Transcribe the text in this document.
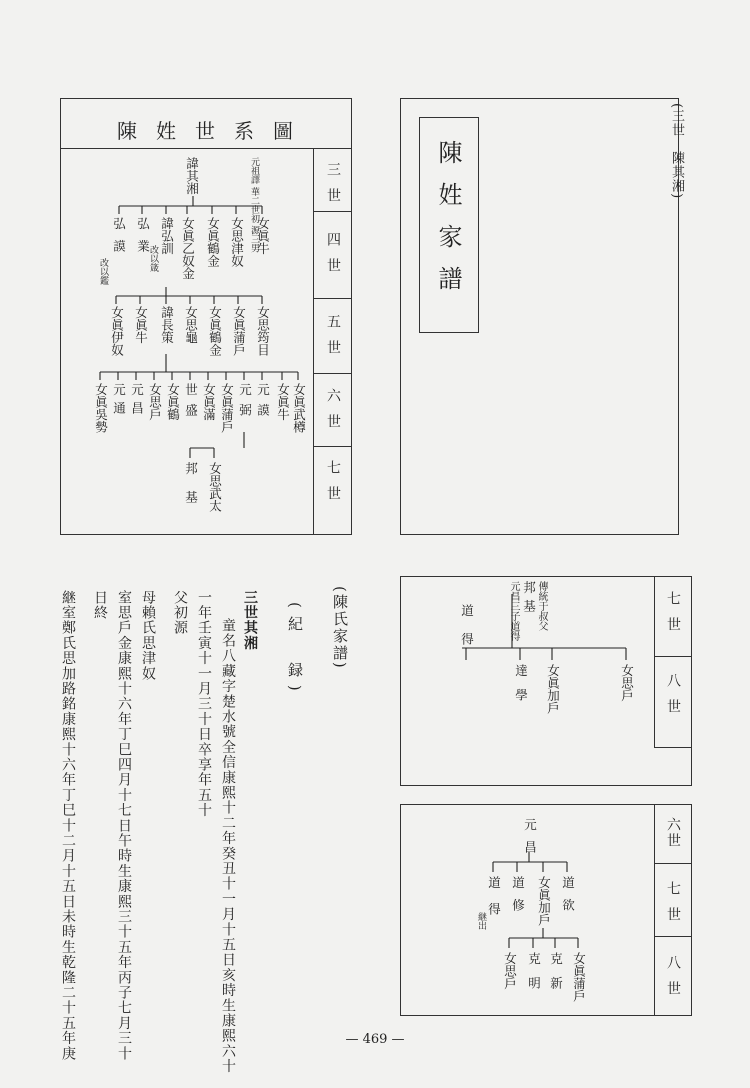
陳姓世系圖
三世
四世
五世
六世
七世
元祖譯 華二世初 源三男
諱其湘
女眞牛
女思津奴
女眞鶴金
女眞乙奴金
諱弘訓
改以箴
弘業
弘謨
改以鑑
女思筠目
女眞蒲戶
女眞鶴金
女思龜
諱長策
女眞牛
女眞伊奴
女眞武樽
女眞牛
元謨
元弼
女眞蒲戶
女眞滿
世盛
女眞鶴
女思戶
元昌
元通
女眞吳勢
女思武太
邦基
陳姓家譜	(三世　陳其湘)
(陳氏家譜)
(紀　録)
三世其湘
童名八藏字楚水號全信康熙十二年癸丑十一月十五日亥時生康熙六十
一年壬寅十一月三十日卒享年五十
父初源
母賴氏思津奴
室思戶金康熙十六年丁巳四月十七日午時生康熙三十五年丙子七月三十
日終
継室鄭氏思加路銘康熙十六年丁巳十二月十五日未時生乾隆二十五年庚	七世
八世
傳統于叔父
邦基
元昌三子道得
女思戶
女眞加戶
達學
道得
六世
七世
八世
元昌
道欲
女眞加戶
道修
道得
継出
女眞蒲戶
克新
克明
女思戶
— 469 —
